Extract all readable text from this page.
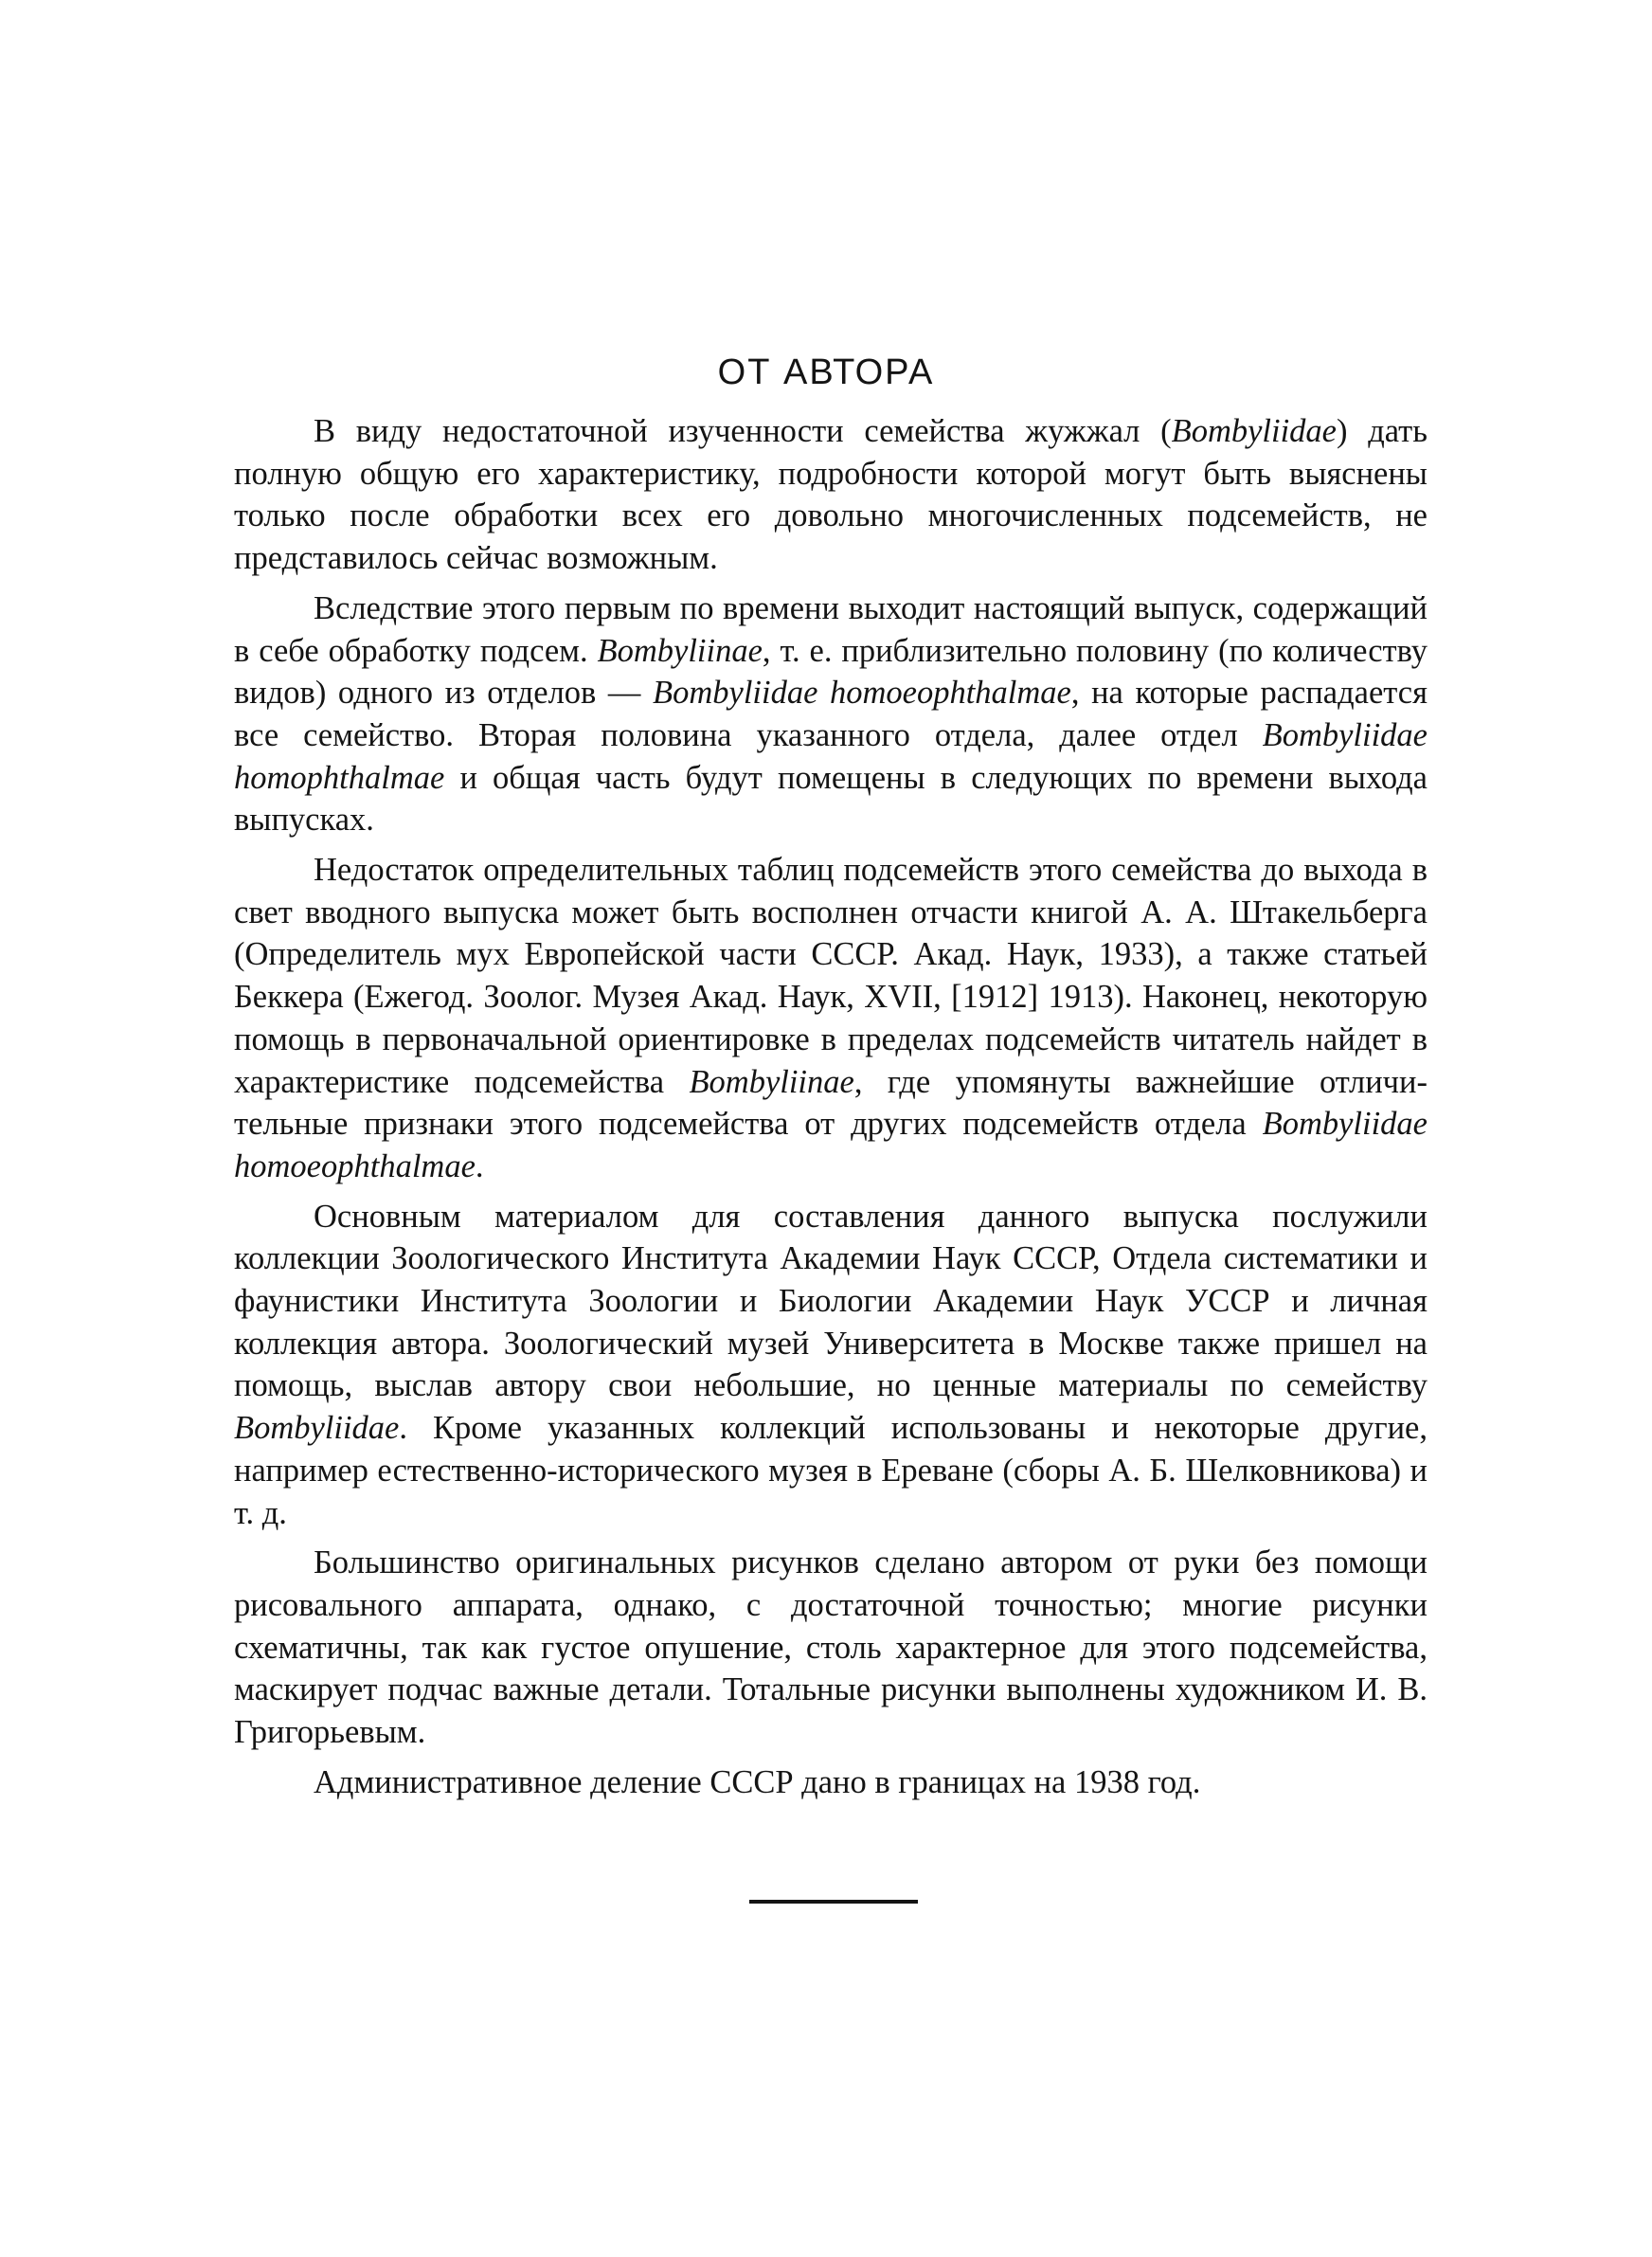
ОТ АВТОРА

В виду недостаточной изученности семейства жужжал (Bombyliidae) дать полную общую его характеристику, подробности которой могут быть выяснены только после обработки всех его довольно многочисленных подсемейств, не представилось сейчас возможным.

Вследствие этого первым по времени выходит настоящий выпуск, содержащий в себе обработку подсем. Bombyliinae, т. е. приблизительно половину (по количеству видов) одного из отделов — Bombyliidae homoeophthalmae, на которые распадается все семейство. Вторая половина указанного отдела, далее отдел Bombyliidae homophthalmae и общая часть будут помещены в следующих по времени выхода выпусках.

Недостаток определительных таблиц подсемейств этого семейства до выхода в свет вводного выпуска может быть восполнен отчасти книгой А. А. Штакельберга (Определитель мух Европейской части СССР. Акад. Наук, 1933), а также статьей Беккера (Ежегод. Зоолог. Музея Акад. Наук, XVII, [1912] 1913). Наконец, некоторую помощь в первоначальной ориентировке в пределах подсемейств читатель найдет в характеристике подсемейства Bombyliinae, где упомянуты важнейшие отличительные признаки этого подсемейства от других подсемейств отдела Bombyliidae homoeophthalmae.

Основным материалом для составления данного выпуска послужили коллекции Зоологического Института Академии Наук СССР, Отдела систематики и фаунистики Института Зоологии и Биологии Академии Наук УССР и личная коллекция автора. Зоологический музей Университета в Москве также пришел на помощь, выслав автору свои небольшие, но ценные материалы по семейству Bombyliidae. Кроме указанных коллекций использованы и некоторые другие, например естественно-исторического музея в Ереване (сборы А. Б. Шелковникова) и т. д.

Большинство оригинальных рисунков сделано автором от руки без помощи рисовального аппарата, однако, с достаточной точностью; многие рисунки схематичны, так как густое опушение, столь характерное для этого подсемейства, маскирует подчас важные детали. Тотальные рисунки выполнены художником И. В. Григорьевым.

Административное деление СССР дано в границах на 1938 год.
